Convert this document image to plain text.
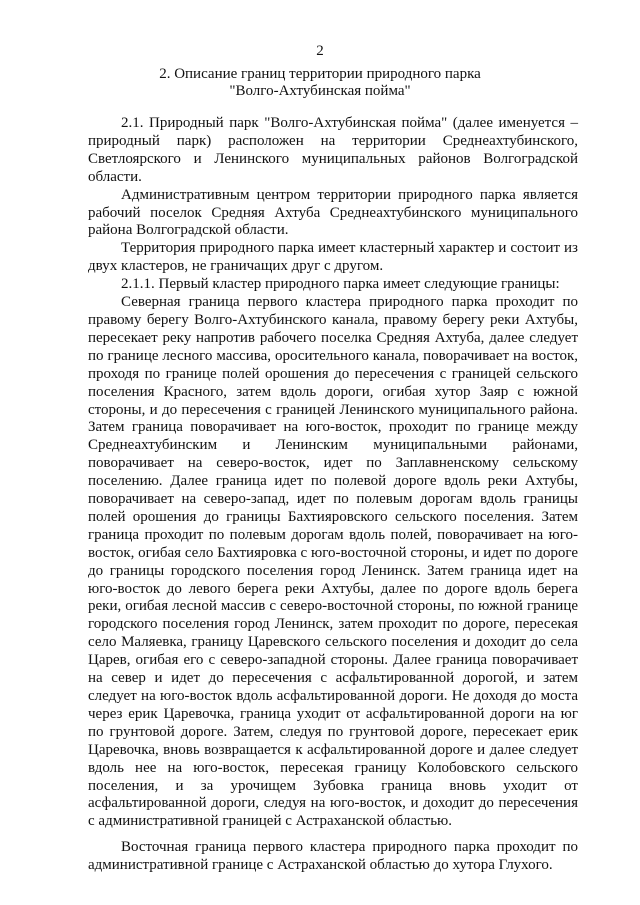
2
2. Описание границ территории природного парка
"Волго-Ахтубинская пойма"

2.1. Природный парк "Волго-Ахтубинская пойма" (далее именуется – природный парк) расположен на территории Среднеахтубинского, Светлоярского и Ленинского муниципальных районов Волгоградской области.

Административным центром территории природного парка является рабочий поселок Средняя Ахтуба Среднеахтубинского муниципального района Волгоградской области.

Территория природного парка имеет кластерный характер и состоит из двух кластеров, не граничащих друг с другом.

2.1.1. Первый кластер природного парка имеет следующие границы:

Северная граница первого кластера природного парка проходит по правому берегу Волго-Ахтубинского канала, правому берегу реки Ахтубы, пересекает реку напротив рабочего поселка Средняя Ахтуба, далее следует по границе лесного массива, оросительного канала, поворачивает на восток, проходя по границе полей орошения до пересечения с границей сельского поселения Красного, затем вдоль дороги, огибая хутор Заяр с южной стороны, и до пересечения с границей Ленинского муниципального района. Затем граница поворачивает на юго-восток, проходит по границе между Среднеахтубинским и Ленинским муниципальными районами, поворачивает на северо-восток, идет по Заплавненскому сельскому поселению. Далее граница идет по полевой дороге вдоль реки Ахтубы, поворачивает на северо-запад, идет по полевым дорогам вдоль границы полей орошения до границы Бахтияровского сельского поселения. Затем граница проходит по полевым дорогам вдоль полей, поворачивает на юго-восток, огибая село Бахтияровка с юго-восточной стороны, и идет по дороге до границы городского поселения город Ленинск. Затем граница идет на юго-восток до левого берега реки Ахтубы, далее по дороге вдоль берега реки, огибая лесной массив с северо-восточной стороны, по южной границе городского поселения город Ленинск, затем проходит по дороге, пересекая село Маляевка, границу Царевского сельского поселения и доходит до села Царев, огибая его с северо-западной стороны. Далее граница поворачивает на север и идет до пересечения с асфальтированной дорогой, и затем следует на юго-восток вдоль асфальтированной дороги. Не доходя до моста через ерик Царевочка, граница уходит от асфальтированной дороги на юг по грунтовой дороге. Затем, следуя по грунтовой дороге, пересекает ерик Царевочка, вновь возвращается к асфальтированной дороге и далее следует вдоль нее на юго-восток, пересекая границу Колобовского сельского поселения, и за урочищем Зубовка граница вновь уходит от асфальтированной дороги, следуя на юго-восток, и доходит до пересечения с административной границей с Астраханской областью.

Восточная граница первого кластера природного парка проходит по административной границе с Астраханской областью до хутора Глухого.
